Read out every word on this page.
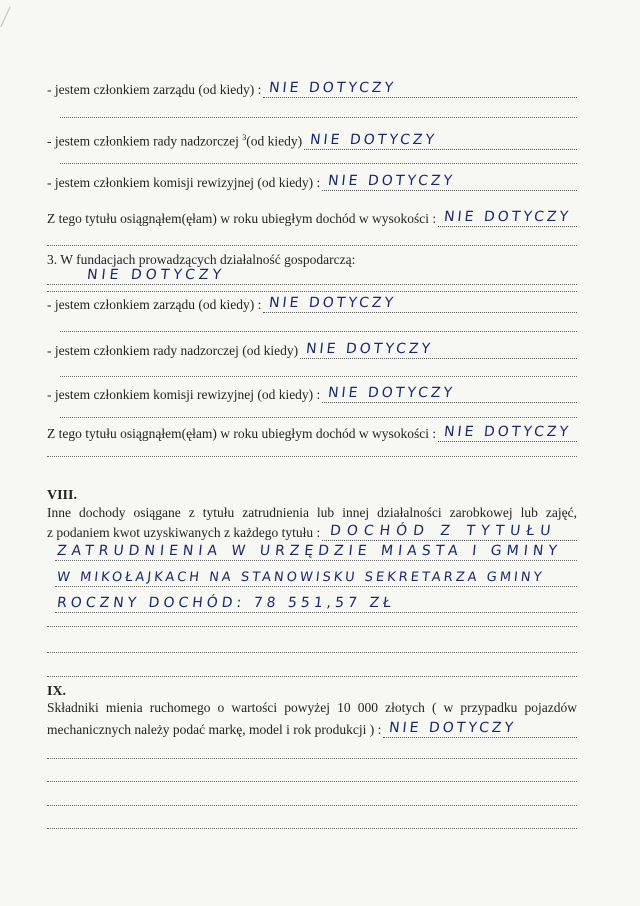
- jestem członkiem zarządu (od kiedy) : NIE DOTYCZY
- jestem członkiem rady nadzorczej $^3$(od kiedy) NIE DOTYCZY
- jestem członkiem komisji rewizyjnej (od kiedy) : NIE DOTYCZY
Z tego tytułu osiągnąłem(ęłam) w roku ubiegłym dochód w wysokości : NIE DOTYCZY
3. W fundacjach prowadzących działalność gospodarczą:
NIE DOTYCZY
- jestem członkiem zarządu (od kiedy) : NIE DOTYCZY
- jestem członkiem rady nadzorczej (od kiedy) NIE DOTYCZY
- jestem członkiem komisji rewizyjnej (od kiedy) : NIE DOTYCZY
Z tego tytułu osiągnąłem(ęłam) w roku ubiegłym dochód w wysokości : NIE DOTYCZY
VIII.
Inne dochody osiągane z tytułu zatrudnienia lub innej działalności zarobkowej lub zajęć,
z podaniem kwot uzyskiwanych z każdego tytułu : DOCHÓD Z TYTUŁU
ZATRUDNIENIA W URZĘDZIE MIASTA I GMINY
W MIKOŁAJKACH NA STANOWISKU SEKRETARZA GMINY
ROCZNY DOCHÓD: 78 551,57 ZŁ
IX.
Składniki mienia ruchomego o wartości powyżej 10 000 złotych ( w przypadku pojazdów
mechanicznych należy podać markę, model i rok produkcji ) : NIE DOTYCZY
